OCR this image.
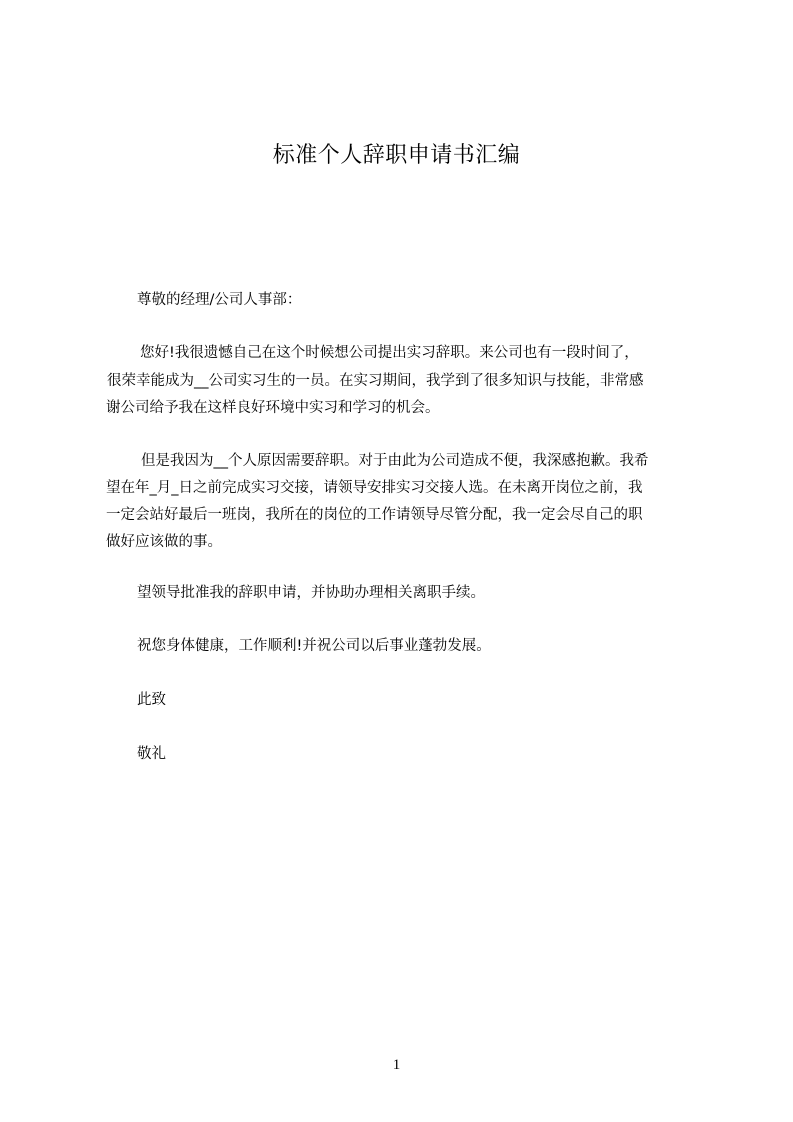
标准个人辞职申请书汇编

尊敬的经理/公司人事部：

您好!我很遗憾自己在这个时候想公司提出实习辞职。来公司也有一段时间了，

很荣幸能成为__公司实习生的一员。在实习期间，我学到了很多知识与技能，非常感

谢公司给予我在这样良好环境中实习和学习的机会。

但是我因为__个人原因需要辞职。对于由此为公司造成不便，我深感抱歉。我希

望在年_月_日之前完成实习交接，请领导安排实习交接人选。在未离开岗位之前，我

一定会站好最后一班岗，我所在的岗位的工作请领导尽管分配，我一定会尽自己的职

做好应该做的事。

望领导批准我的辞职申请，并协助办理相关离职手续。

祝您身体健康，工作顺利!并祝公司以后事业蓬勃发展。

此致

敬礼

1
